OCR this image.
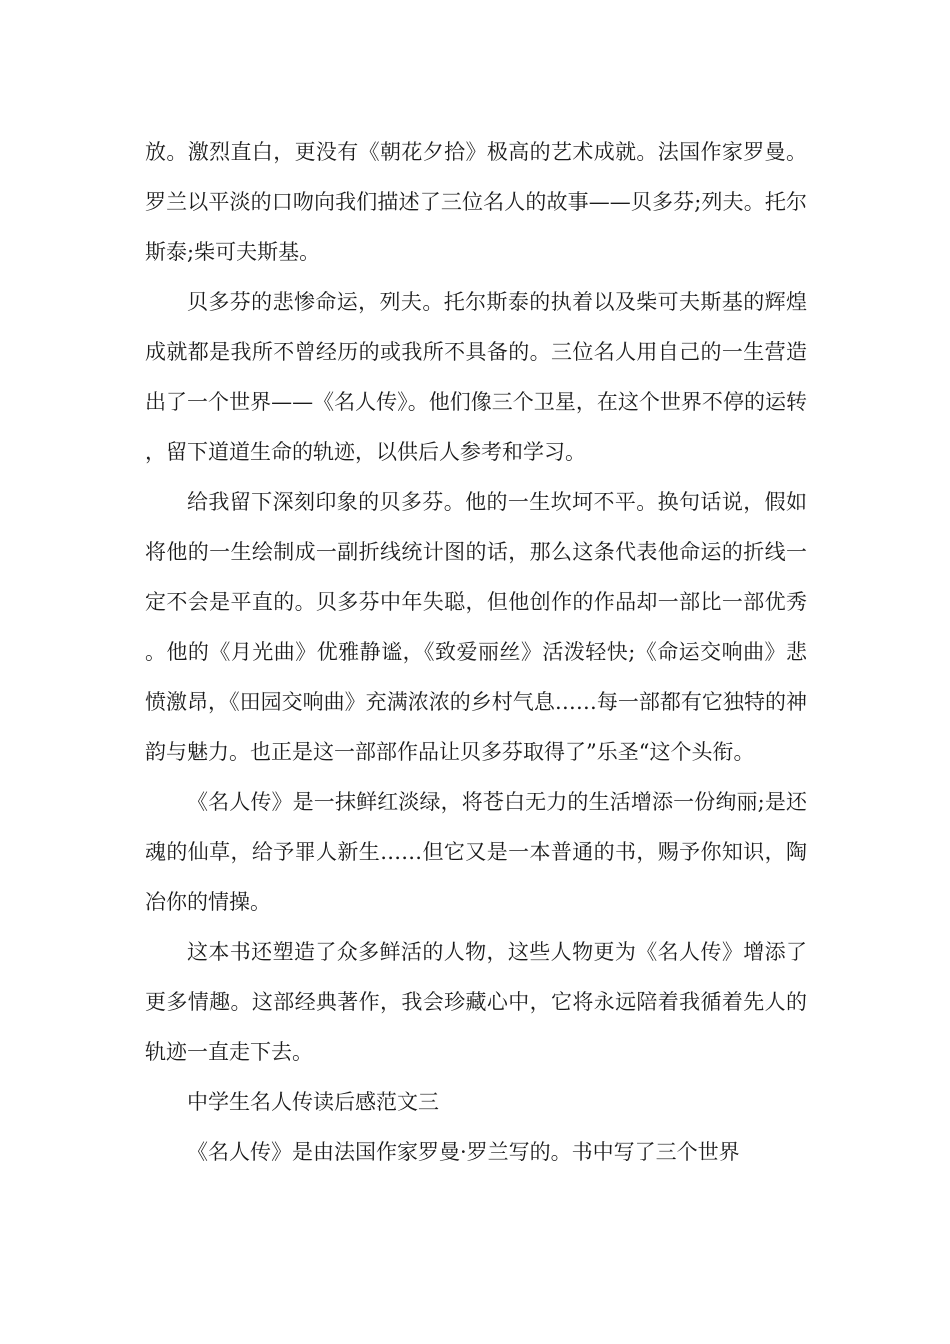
放。激烈直白，更没有《朝花夕拾》极高的艺术成就。法国作家罗曼。罗兰以平淡的口吻向我们描述了三位名人的故事——贝多芬;列夫。托尔斯泰;柴可夫斯基。

贝多芬的悲惨命运，列夫。托尔斯泰的执着以及柴可夫斯基的辉煌成就都是我所不曾经历的或我所不具备的。三位名人用自己的一生营造出了一个世界——《名人传》。他们像三个卫星，在这个世界不停的运转，留下道道生命的轨迹，以供后人参考和学习。

给我留下深刻印象的贝多芬。他的一生坎坷不平。换句话说，假如将他的一生绘制成一副折线统计图的话，那么这条代表他命运的折线一定不会是平直的。贝多芬中年失聪，但他创作的作品却一部比一部优秀。他的《月光曲》优雅静谧，《致爱丽丝》活泼轻快;《命运交响曲》悲愤激昂，《田园交响曲》充满浓浓的乡村气息……每一部都有它独特的神韵与魅力。也正是这一部部作品让贝多芬取得了”乐圣“这个头衔。

《名人传》是一抹鲜红淡绿，将苍白无力的生活增添一份绚丽;是还魂的仙草，给予罪人新生……但它又是一本普通的书，赐予你知识，陶冶你的情操。

这本书还塑造了众多鲜活的人物，这些人物更为《名人传》增添了更多情趣。这部经典著作，我会珍藏心中，它将永远陪着我循着先人的轨迹一直走下去。

中学生名人传读后感范文三

《名人传》是由法国作家罗曼·罗兰写的。书中写了三个世界
